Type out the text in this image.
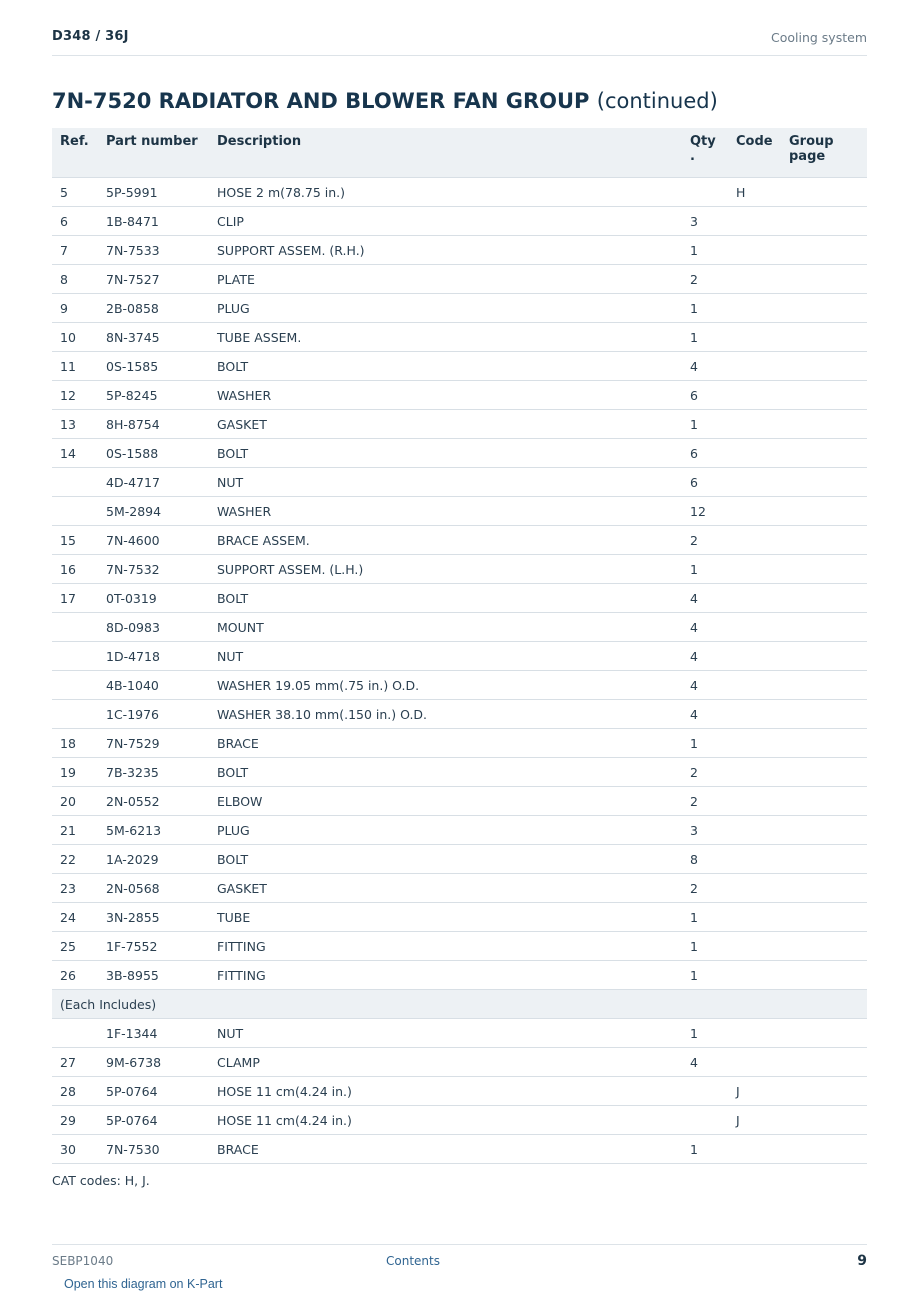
D348 / 36J	Cooling system
7N-7520 RADIATOR AND BLOWER FAN GROUP (continued)
Ref.	Part number	Description	Qty .	Code	Group page
5	5P-5991	HOSE 2 m(78.75 in.)		H	
6	1B-8471	CLIP	3		
7	7N-7533	SUPPORT ASSEM. (R.H.)	1		
8	7N-7527	PLATE	2		
9	2B-0858	PLUG	1		
10	8N-3745	TUBE ASSEM.	1		
11	0S-1585	BOLT	4		
12	5P-8245	WASHER	6		
13	8H-8754	GASKET	1		
14	0S-1588	BOLT	6		
	4D-4717	NUT	6		
	5M-2894	WASHER	12		
15	7N-4600	BRACE ASSEM.	2		
16	7N-7532	SUPPORT ASSEM. (L.H.)	1		
17	0T-0319	BOLT	4		
	8D-0983	MOUNT	4		
	1D-4718	NUT	4		
	4B-1040	WASHER 19.05 mm(.75 in.) O.D.	4		
	1C-1976	WASHER 38.10 mm(.150 in.) O.D.	4		
18	7N-7529	BRACE	1		
19	7B-3235	BOLT	2		
20	2N-0552	ELBOW	2		
21	5M-6213	PLUG	3		
22	1A-2029	BOLT	8		
23	2N-0568	GASKET	2		
24	3N-2855	TUBE	1		
25	1F-7552	FITTING	1		
26	3B-8955	FITTING	1		
(Each Includes)					
	1F-1344	NUT	1		
27	9M-6738	CLAMP	4		
28	5P-0764	HOSE 11 cm(4.24 in.)		J	
29	5P-0764	HOSE 11 cm(4.24 in.)		J	
30	7N-7530	BRACE	1		
CAT codes: H, J.
SEBP1040	Contents	9
Open this diagram on K-Part
